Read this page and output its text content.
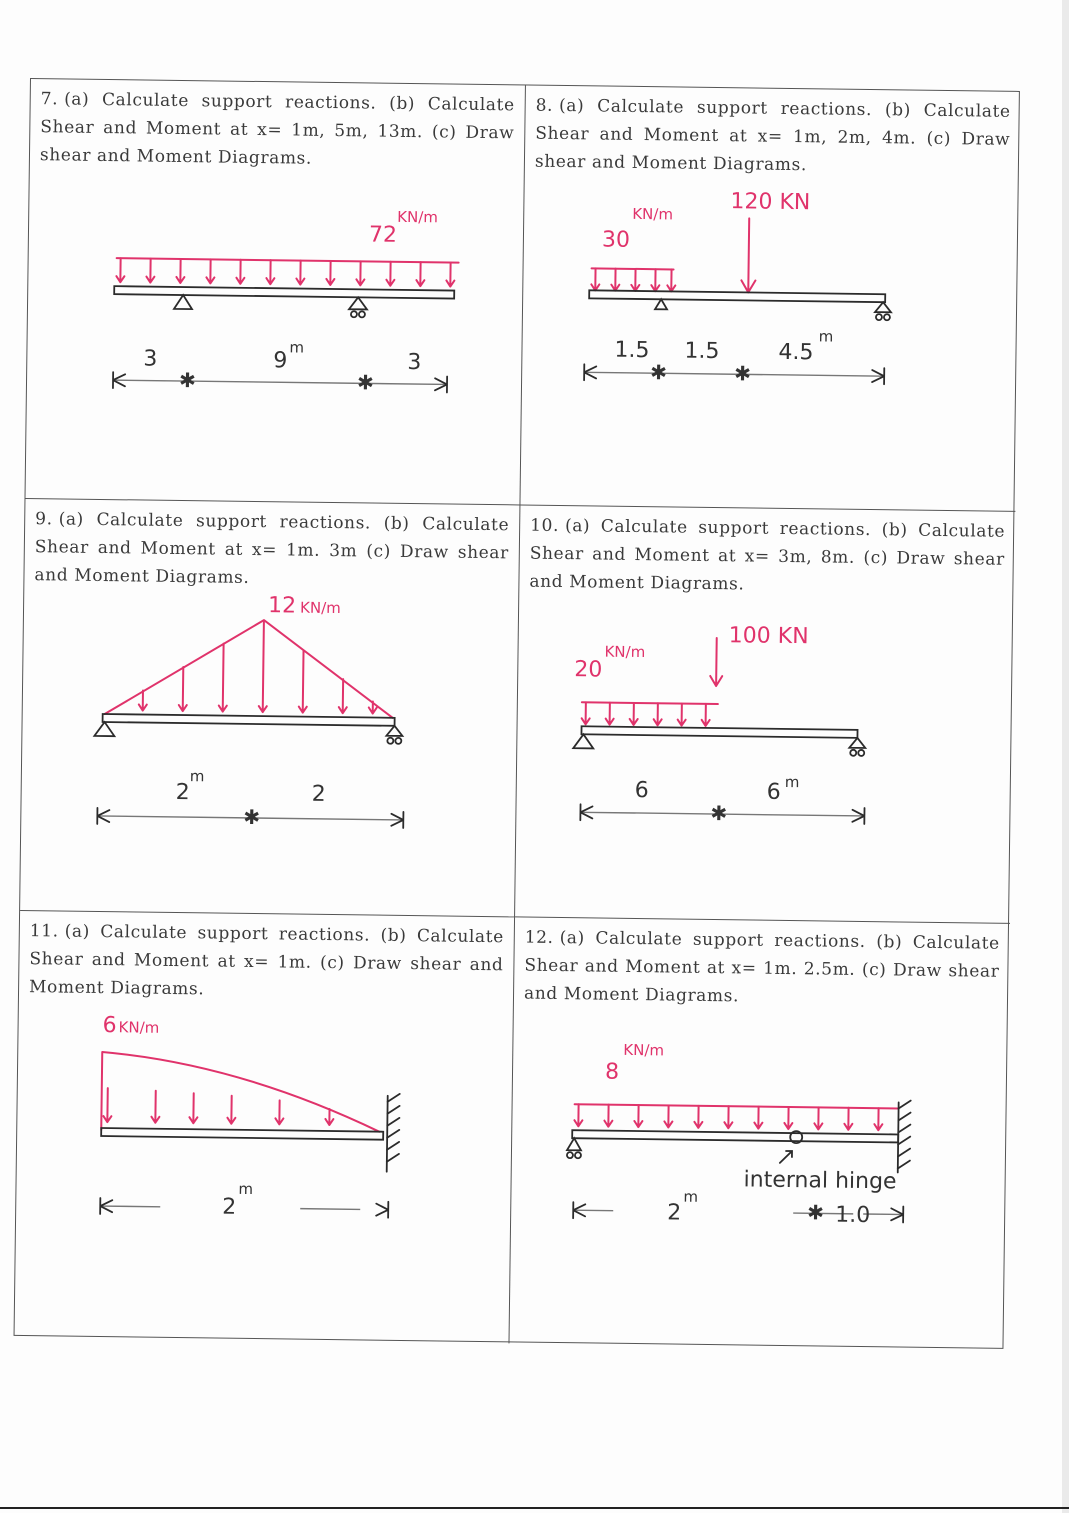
7. (a) Calculate support reactions. (b) Calculate Shear and Moment at x= 1m, 5m, 13m. (c) Draw shear and Moment Diagrams.
72
KN/m
✱	✱
3	9
m
3
8. (a) Calculate support reactions. (b) Calculate Shear and Moment at x= 1m, 2m, 4m. (c) Draw shear and Moment Diagrams.
30
KN/m	120 KN
✱	✱
1.5 1.5	4.5
m
9. (a) Calculate support reactions. (b) Calculate Shear and Moment at x= 1m. 3m (c) Draw shear and Moment Diagrams.
12 KN/m
✱
2
m
2
10. (a) Calculate support reactions. (b) Calculate Shear and Moment at x= 3m, 8m. (c) Draw shear and Moment Diagrams.
20
KN/m
100 KN
✱
6	6 m
11. (a) Calculate support reactions. (b) Calculate Shear and Moment at x= 1m. (c) Draw shear and Moment Diagrams.
6 KN/m
2
m
12. (a) Calculate support reactions. (b) Calculate Shear and Moment at x= 1m. 2.5m. (c) Draw shear and Moment Diagrams.
8
KN/m
internal hinge
✱
2
m
1.0
